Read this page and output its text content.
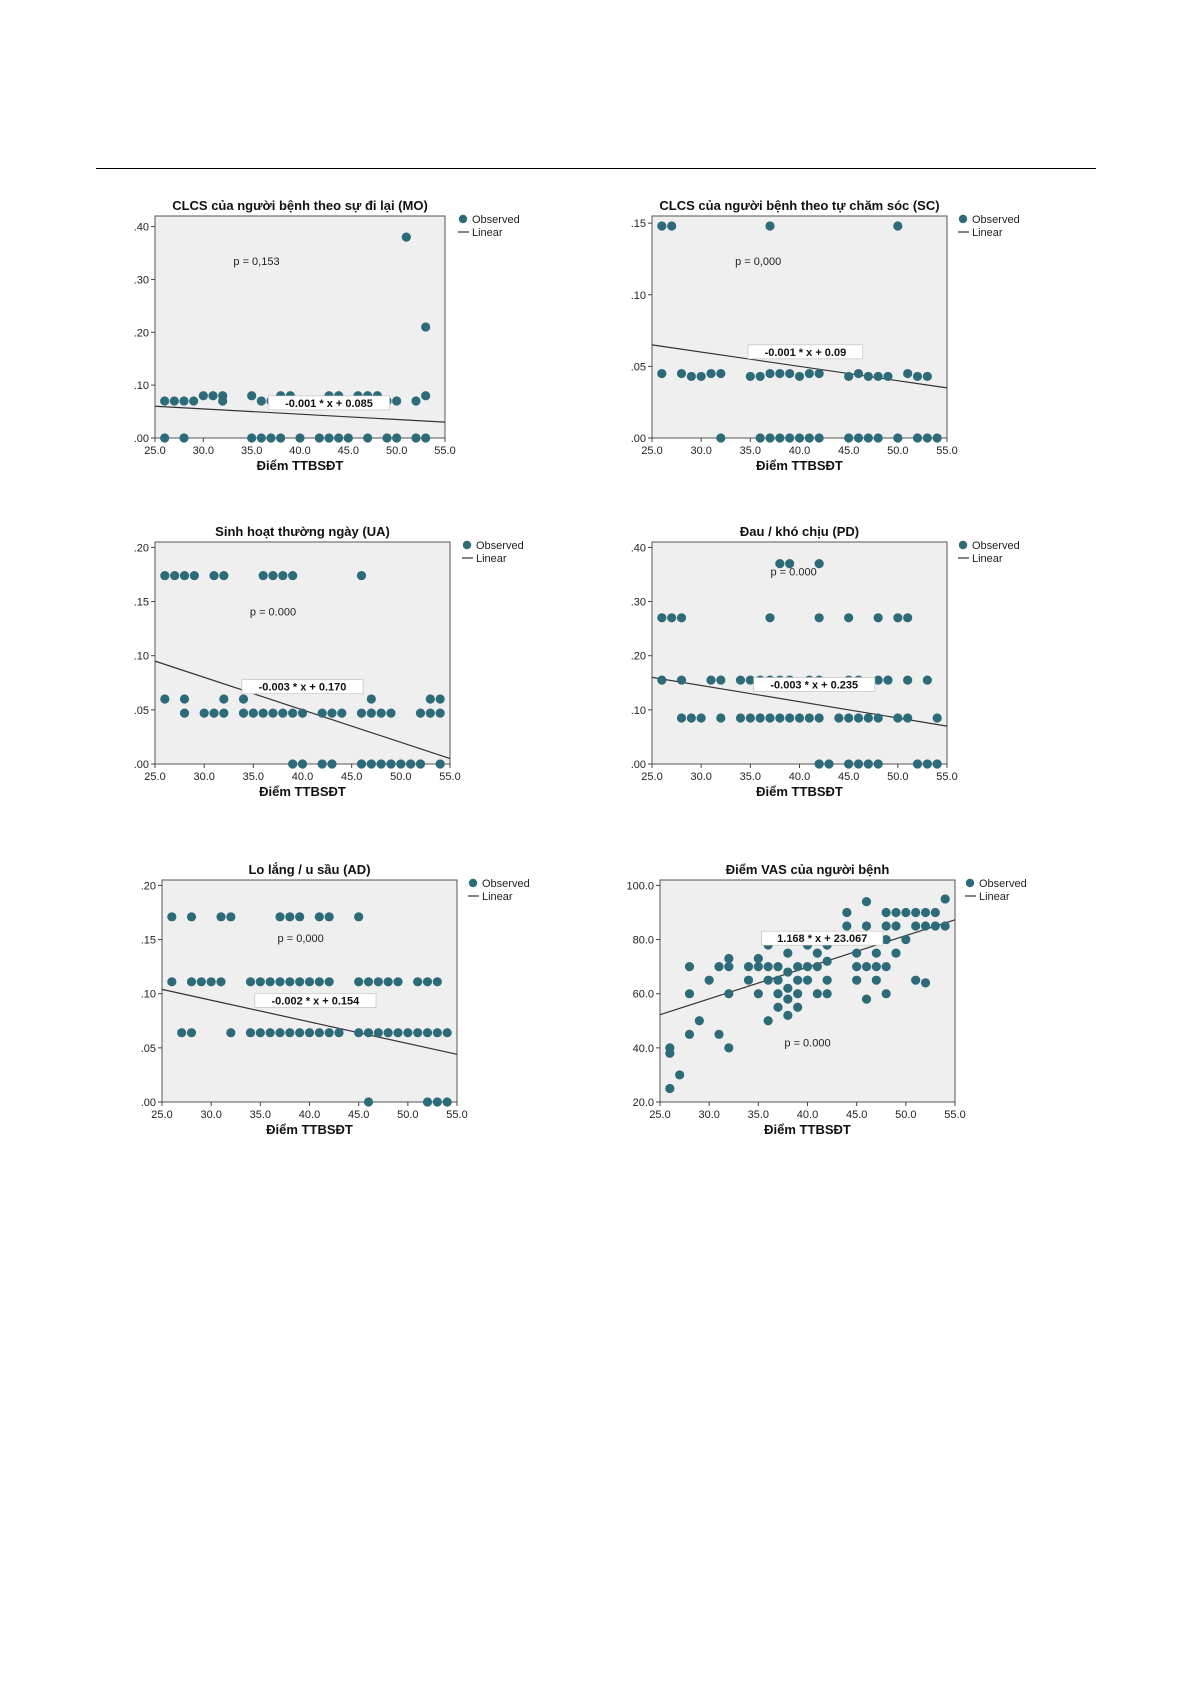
CLCS của người bệnh theo sự đi lại (MO)
.00
.10
.20
.30
.40
25.0 30.0 35.0 40.0 45.0 50.0 55.0
Điểm TTBSĐT
-0.001 * x + 0.085
p = 0,153
Observed
Linear
CLCS của người bệnh theo tự chăm sóc (SC)
.00
.05
.10
.15
25.0	30.0	35.0	40.0	45.0	50.0	55.0
Điểm TTBSĐT
-0.001 * x + 0.09
p = 0,000
Observed
Linear
Sinh hoạt thường ngày (UA)
.00
.05
.10
.15
.20
25.0	30.0	35.0	40.0	45.0	50.0	55.0
Điểm TTBSĐT
-0.003 * x + 0.170
p = 0.000
Observed
Linear
Đau / khó chịu (PD)
.00
.10
.20
.30
.40
25.0	30.0	35.0	40.0	45.0	50.0	55.0
Điểm TTBSĐT
-0.003 * x + 0.235
p = 0.000
Observed
Linear
Lo lắng / u sầu (AD)
.00
.05
.10
.15
.20
25.0	30.0	35.0	40.0	45.0	50.0	55.0
Điểm TTBSĐT
-0.002 * x + 0.154
p = 0,000
Observed
Linear
Điểm VAS của người bệnh
20.0
40.0
60.0
80.0
100.0
25.0	30.0	35.0	40.0	45.0	50.0	55.0
Điểm TTBSĐT
1.168 * x + 23.067
p = 0.000
Observed
Linear
